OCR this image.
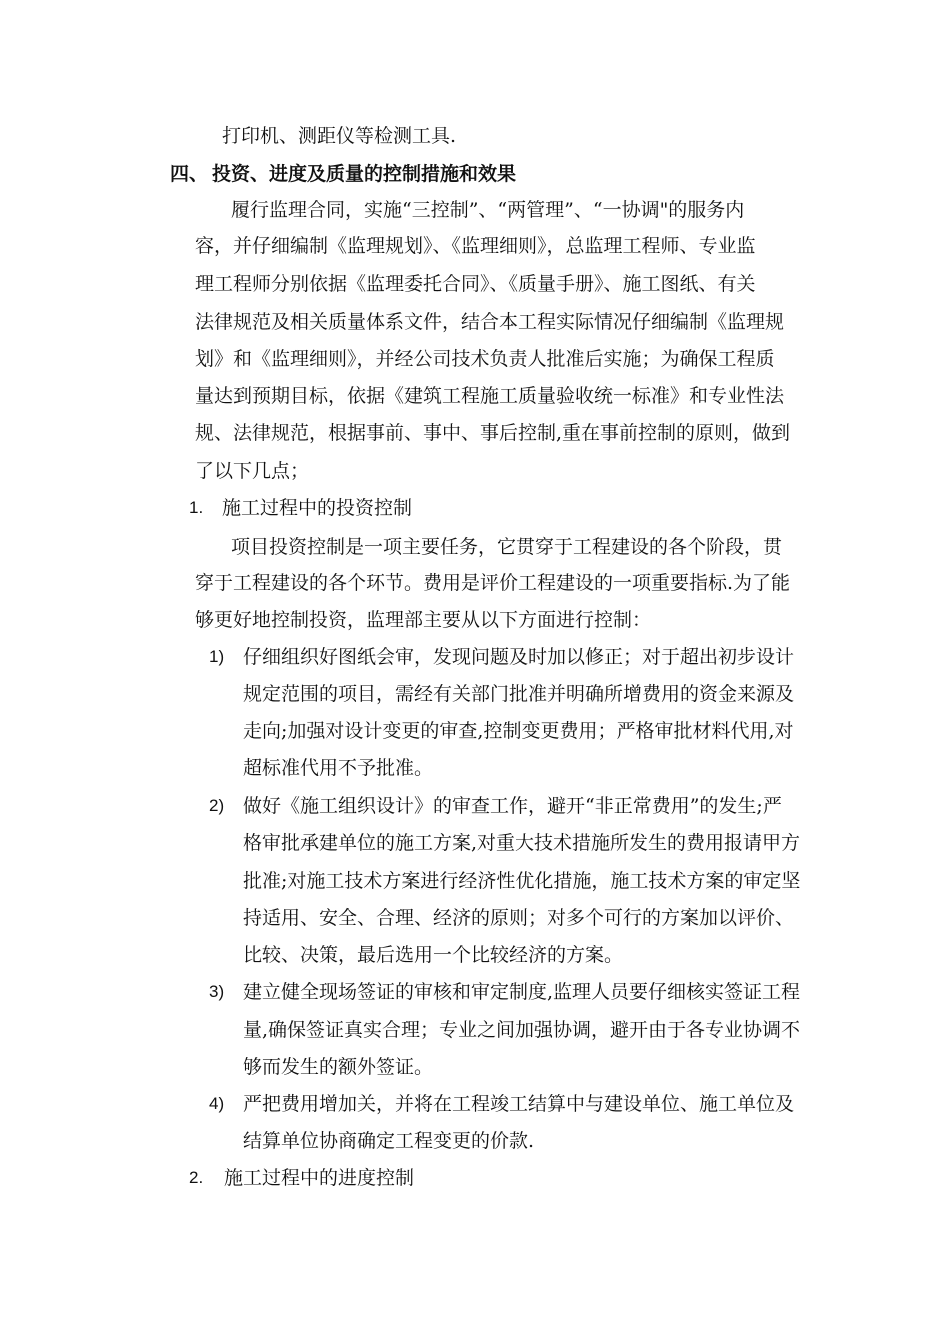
打印机、测距仪等检测工具.
四、 投资、进度及质量的控制措施和效果
履行监理合同，实施“三控制”、“两管理”、“一协调"的服务内
容，并仔细编制《监理规划》、《监理细则》，总监理工程师、专业监
理工程师分别依据《监理委托合同》、《质量手册》、施工图纸、有关
法律规范及相关质量体系文件，结合本工程实际情况仔细编制《监理规
划》和《监理细则》，并经公司技术负责人批准后实施；为确保工程质
量达到预期目标，依据《建筑工程施工质量验收统一标准》和专业性法
规、法律规范，根据事前、事中、事后控制,重在事前控制的原则，做到
了以下几点；
1. 施工过程中的投资控制
项目投资控制是一项主要任务，它贯穿于工程建设的各个阶段，贯
穿于工程建设的各个环节。费用是评价工程建设的一项重要指标.为了能
够更好地控制投资，监理部主要从以下方面进行控制：
1) 仔细组织好图纸会审，发现问题及时加以修正；对于超出初步设计
规定范围的项目，需经有关部门批准并明确所增费用的资金来源及
走向;加强对设计变更的审查,控制变更费用；严格审批材料代用,对
超标准代用不予批准。
2) 做好《施工组织设计》的审查工作，避开“非正常费用”的发生;严
格审批承建单位的施工方案,对重大技术措施所发生的费用报请甲方
批准;对施工技术方案进行经济性优化措施，施工技术方案的审定坚
持适用、安全、合理、经济的原则；对多个可行的方案加以评价、
比较、决策，最后选用一个比较经济的方案。
3) 建立健全现场签证的审核和审定制度,监理人员要仔细核实签证工程
量,确保签证真实合理；专业之间加强协调，避开由于各专业协调不
够而发生的额外签证。
4) 严把费用增加关，并将在工程竣工结算中与建设单位、施工单位及
结算单位协商确定工程变更的价款.
2. 施工过程中的进度控制
